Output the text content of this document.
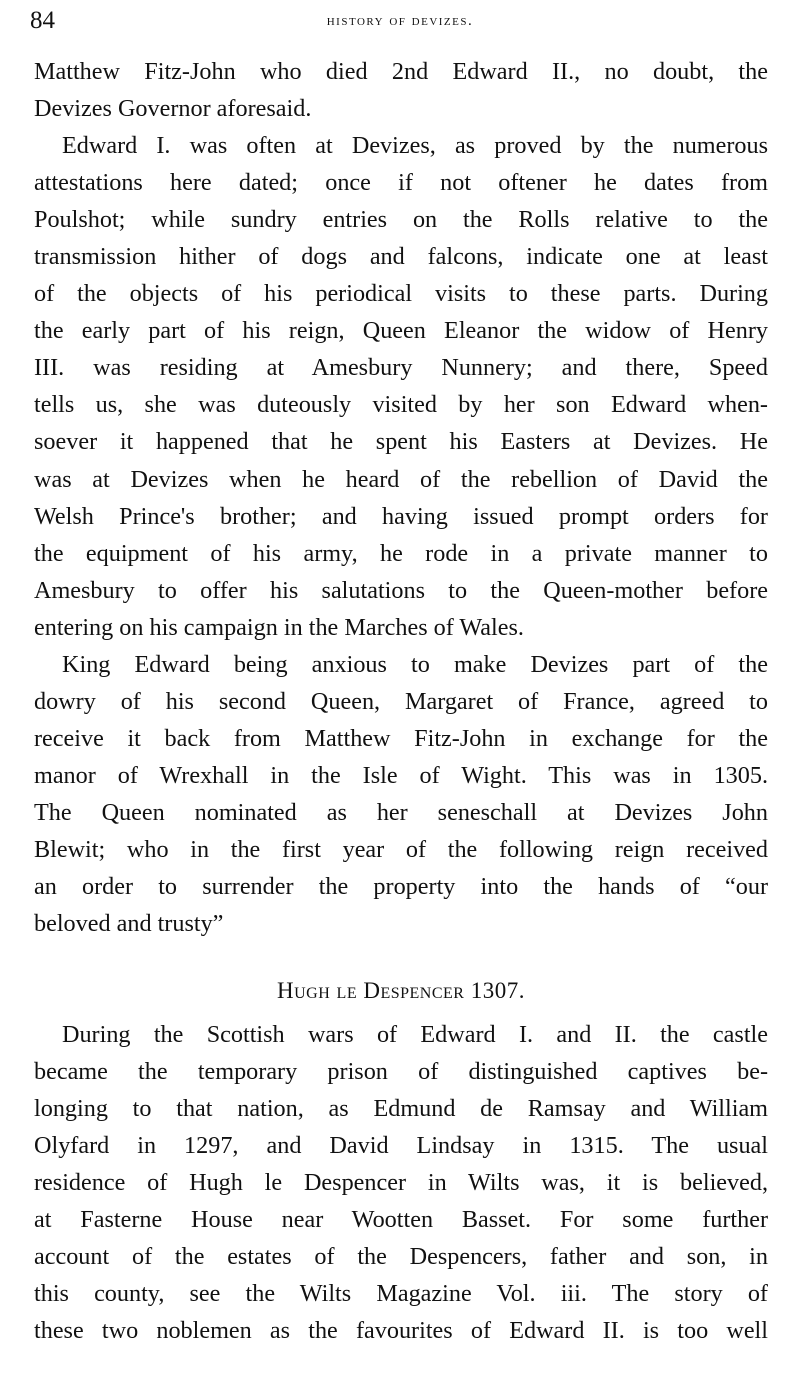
84	history of devizes.
Matthew Fitz-John who died 2nd Edward II., no doubt, the
Devizes Governor aforesaid.
Edward I. was often at Devizes, as proved by the numerous
attestations here dated; once if not oftener he dates from
Poulshot; while sundry entries on the Rolls relative to the
transmission hither of dogs and falcons, indicate one at least
of the objects of his periodical visits to these parts. During
the early part of his reign, Queen Eleanor the widow of Henry
III. was residing at Amesbury Nunnery; and there, Speed
tells us, she was duteously visited by her son Edward when-
soever it happened that he spent his Easters at Devizes. He
was at Devizes when he heard of the rebellion of David the
Welsh Prince's brother; and having issued prompt orders for
the equipment of his army, he rode in a private manner to
Amesbury to offer his salutations to the Queen-mother before
entering on his campaign in the Marches of Wales.
King Edward being anxious to make Devizes part of the
dowry of his second Queen, Margaret of France, agreed to
receive it back from Matthew Fitz-John in exchange for the
manor of Wrexhall in the Isle of Wight. This was in 1305.
The Queen nominated as her seneschall at Devizes John
Blewit; who in the first year of the following reign received
an order to surrender the property into the hands of “our
beloved and trusty”
Hugh le Despencer 1307.
During the Scottish wars of Edward I. and II. the castle
became the temporary prison of distinguished captives be-
longing to that nation, as Edmund de Ramsay and William
Olyfard in 1297, and David Lindsay in 1315. The usual
residence of Hugh le Despencer in Wilts was, it is believed,
at Fasterne House near Wootten Basset. For some further
account of the estates of the Despencers, father and son, in
this county, see the Wilts Magazine Vol. iii. The story of
these two noblemen as the favourites of Edward II. is too well
